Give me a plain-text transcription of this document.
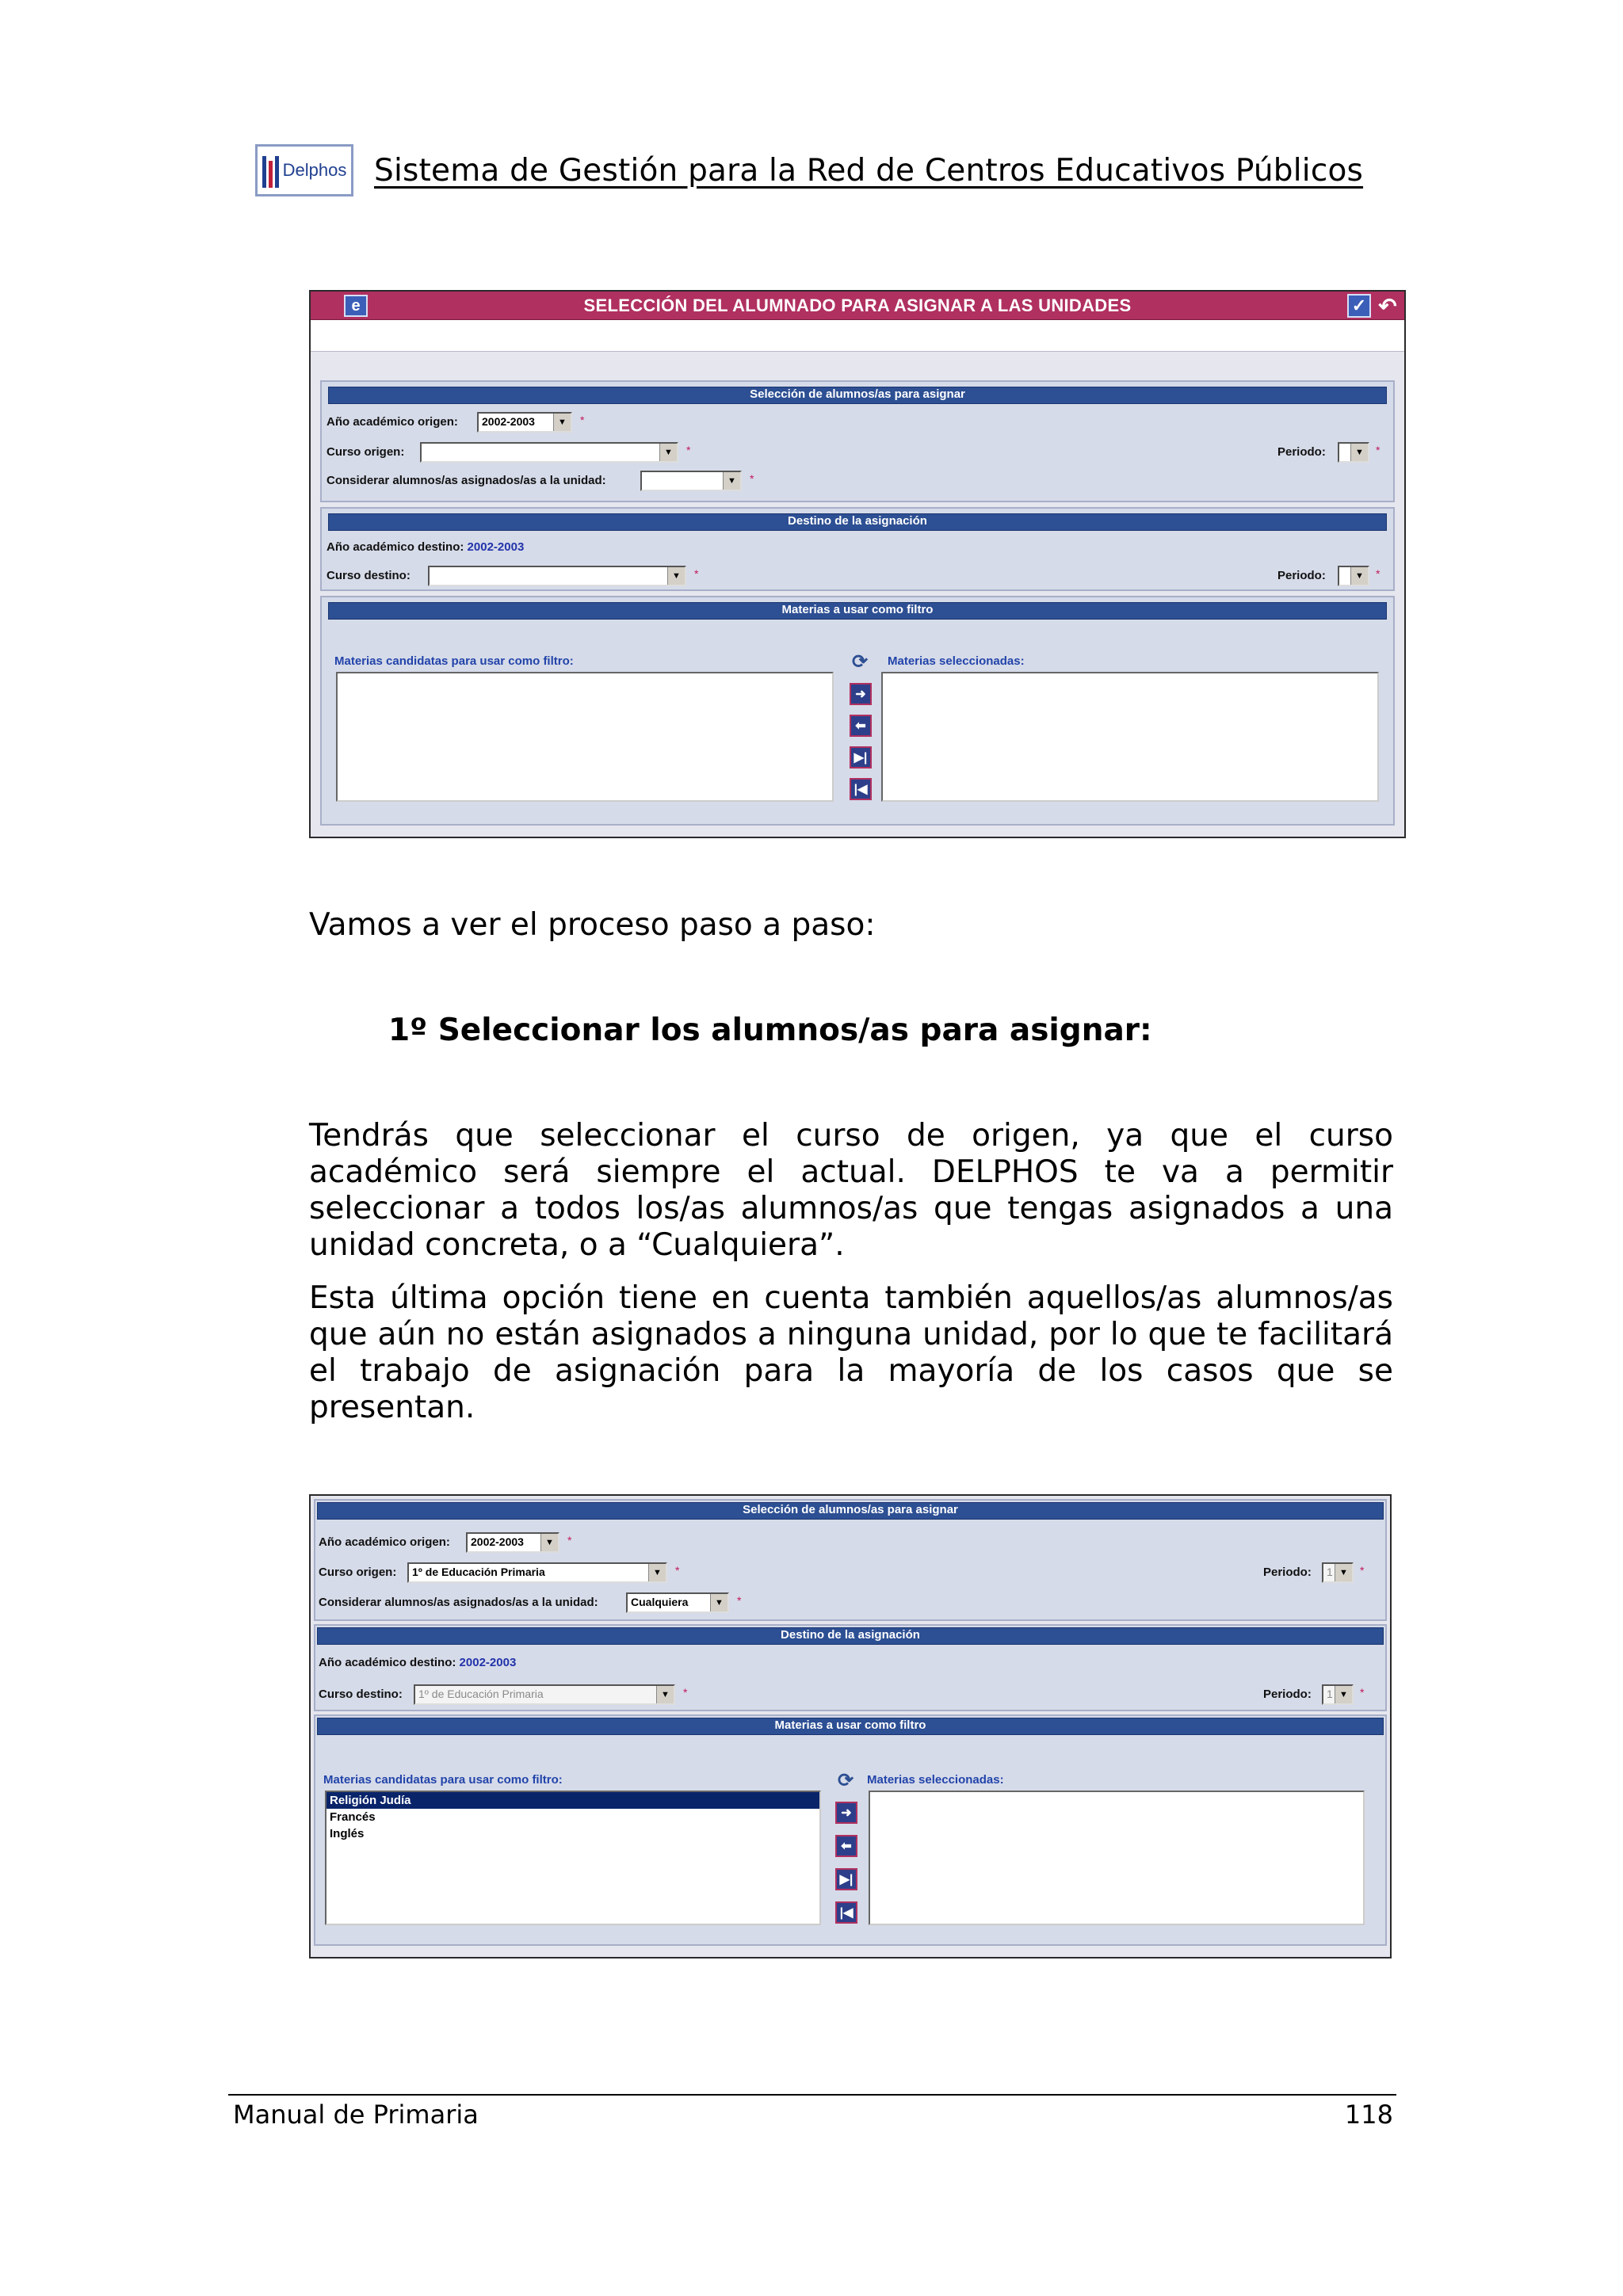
Delphos Sistema de Gestión para la Red de Centros Educativos Públicos
e	SELECCIÓN DEL ALUMNADO PARA ASIGNAR A LAS UNIDADES	✓ ↶
Selección de alumnos/as para asignar
Año académico origen:	2002-2003	▼	*
Curso origen:	▼	*	Periodo:	▼	*
Considerar alumnos/as asignados/as a la unidad:	▼	*
Destino de la asignación
Año académico destino: 2002-2003
Curso destino:	▼	*	Periodo:	▼	*
Materias a usar como filtro
Materias candidatas para usar como filtro:	⟳ Materias seleccionadas:
➜
⬅
▶|
|◀
Vamos a ver el proceso paso a paso:
1º Seleccionar los alumnos/as para asignar:
Tendrás que seleccionar el curso de origen, ya que el curso académico será siempre el actual. DELPHOS te va a permitir seleccionar a todos los/as alumnos/as que tengas asignados a una unidad concreta, o a “Cualquiera”.
Esta última opción tiene en cuenta también aquellos/as alumnos/as que aún no están asignados a ninguna unidad, por lo que te facilitará el trabajo de asignación para la mayoría de los casos que se presentan.
Selección de alumnos/as para asignar
Año académico origen:	2002-2003	▼	*
Curso origen:	1º de Educación Primaria	▼	*	Periodo:	1 ▼	*
Considerar alumnos/as asignados/as a la unidad:	Cualquiera	▼	*
Destino de la asignación
Año académico destino: 2002-2003
Curso destino:	1º de Educación Primaria	▼	*	Periodo:	1 ▼	*
Materias a usar como filtro
Materias candidatas para usar como filtro:
Religión Judía
Francés
Inglés
⟳ Materias seleccionadas:
➜
⬅
▶|
|◀
Manual de Primaria	118
